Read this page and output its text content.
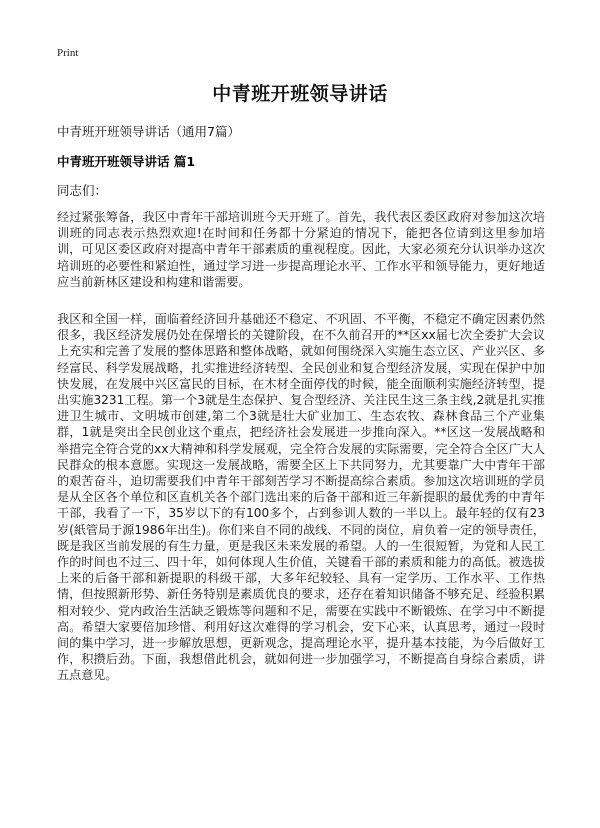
Print
中青班开班领导讲话
中青班开班领导讲话（通用7篇）
中青班开班领导讲话 篇1
同志们：

经过紧张筹备，我区中青年干部培训班今天开班了。首先，我代表区委区政府对参加这次培训班的同志表示热烈欢迎!在时间和任务都十分紧迫的情况下，能把各位请到这里参加培训，可见区委区政府对提高中青年干部素质的重视程度。因此，大家必须充分认识举办这次培训班的必要性和紧迫性，通过学习进一步提高理论水平、工作水平和领导能力，更好地适应当前新林区建设和构建和谐需要。

我区和全国一样，面临着经济回升基础还不稳定、不巩固、不平衡，不稳定不确定因素仍然很多，我区经济发展仍处在保增长的关键阶段，在不久前召开的**区xx届七次全委扩大会议上充实和完善了发展的整体思路和整体战略，就如何围绕深入实施生态立区、产业兴区、多经富民、科学发展战略，扎实推进经济转型、全民创业和复合型经济发展，实现在保护中加快发展，在发展中兴区富民的目标，在木材全面停伐的时候，能全面顺利实施经济转型，提出实施3231工程。第一个3就是生态保护、复合型经济、关注民生这三条主线,2就是扎实推进卫生城市、文明城市创建,第二个3就是壮大矿业加工、生态农牧、森林食品三个产业集群，1就是突出全民创业这个重点，把经济社会发展进一步推向深入。**区这一发展战略和举措完全符合党的xx大精神和科学发展观，完全符合发展的实际需要，完全符合全区广大人民群众的根本意愿。实现这一发展战略，需要全区上下共同努力，尤其要靠广大中青年干部的艰苦奋斗，迫切需要我们中青年干部刻苦学习不断提高综合素质。参加这次培训班的学员是从全区各个单位和区直机关各个部门选出来的后备干部和近三年新提职的最优秀的中青年干部，我看了一下，35岁以下的有100多个，占到参训人数的一半以上。最年轻的仅有23岁(紙管局于源1986年出生)。你们来自不同的战线、不同的岗位，肩负着一定的领导责任，既是我区当前发展的有生力量，更是我区未来发展的希望。人的一生很短暂，为党和人民工作的时间也不过三、四十年，如何体现人生价值，关键看干部的素质和能力的高低。被选拔上来的后备干部和新提职的科级干部，大多年纪较轻、具有一定学历、工作水平、工作热情，但按照新形势、新任务特别是素质优良的要求，还存在着知识储备不够充足、经验积累相对较少、党内政治生活缺乏锻炼等问题和不足，需要在实践中不断锻炼、在学习中不断提高。希望大家要倍加珍惜、利用好这次难得的学习机会，安下心来，认真思考，通过一段时间的集中学习，进一步解放思想，更新观念，提高理论水平，提升基本技能，为今后做好工作，积攒后劲。下面，我想借此机会，就如何进一步加强学习，不断提高自身综合素质，讲五点意见。
